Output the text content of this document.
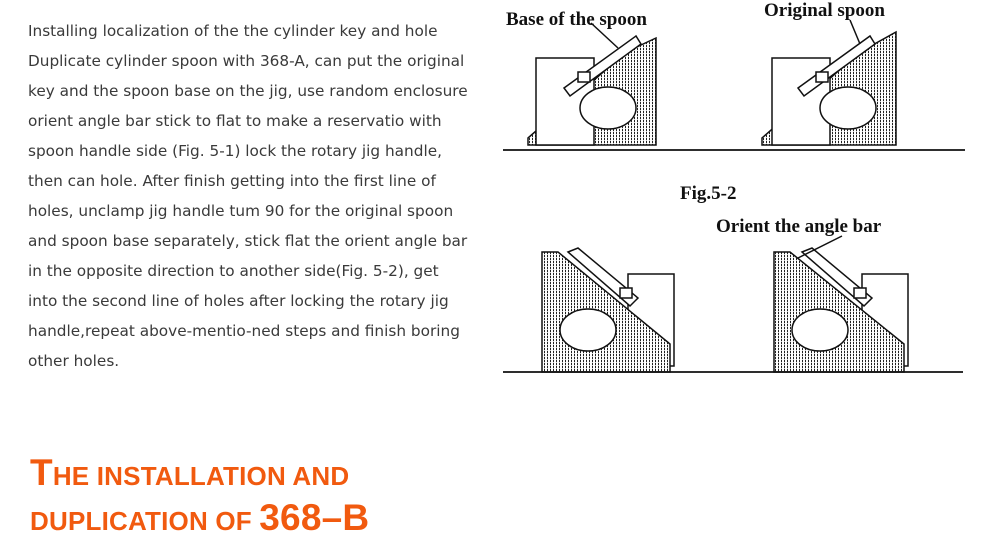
Installing localization of the the cylinder key and hole
Duplicate cylinder spoon with 368-A, can put the original
key and the spoon base on the jig, use random enclosure
orient angle bar stick to flat to make a reservatio with
spoon handle side (Fig. 5-1) lock the rotary jig handle,
then can hole. After finish getting into the first line of
holes, unclamp jig handle tum 90 for the original spoon
and spoon base separately, stick flat the orient angle bar
in the opposite direction to another side(Fig. 5-2), get
into the second line of holes after locking the rotary jig
handle,repeat above-mentio-ned steps and finish boring
other holes.

Base of the spoon	Original spoon
Fig.5-2
Orient the angle bar
THE INSTALLATION AND
DUPLICATION OF 368–B
